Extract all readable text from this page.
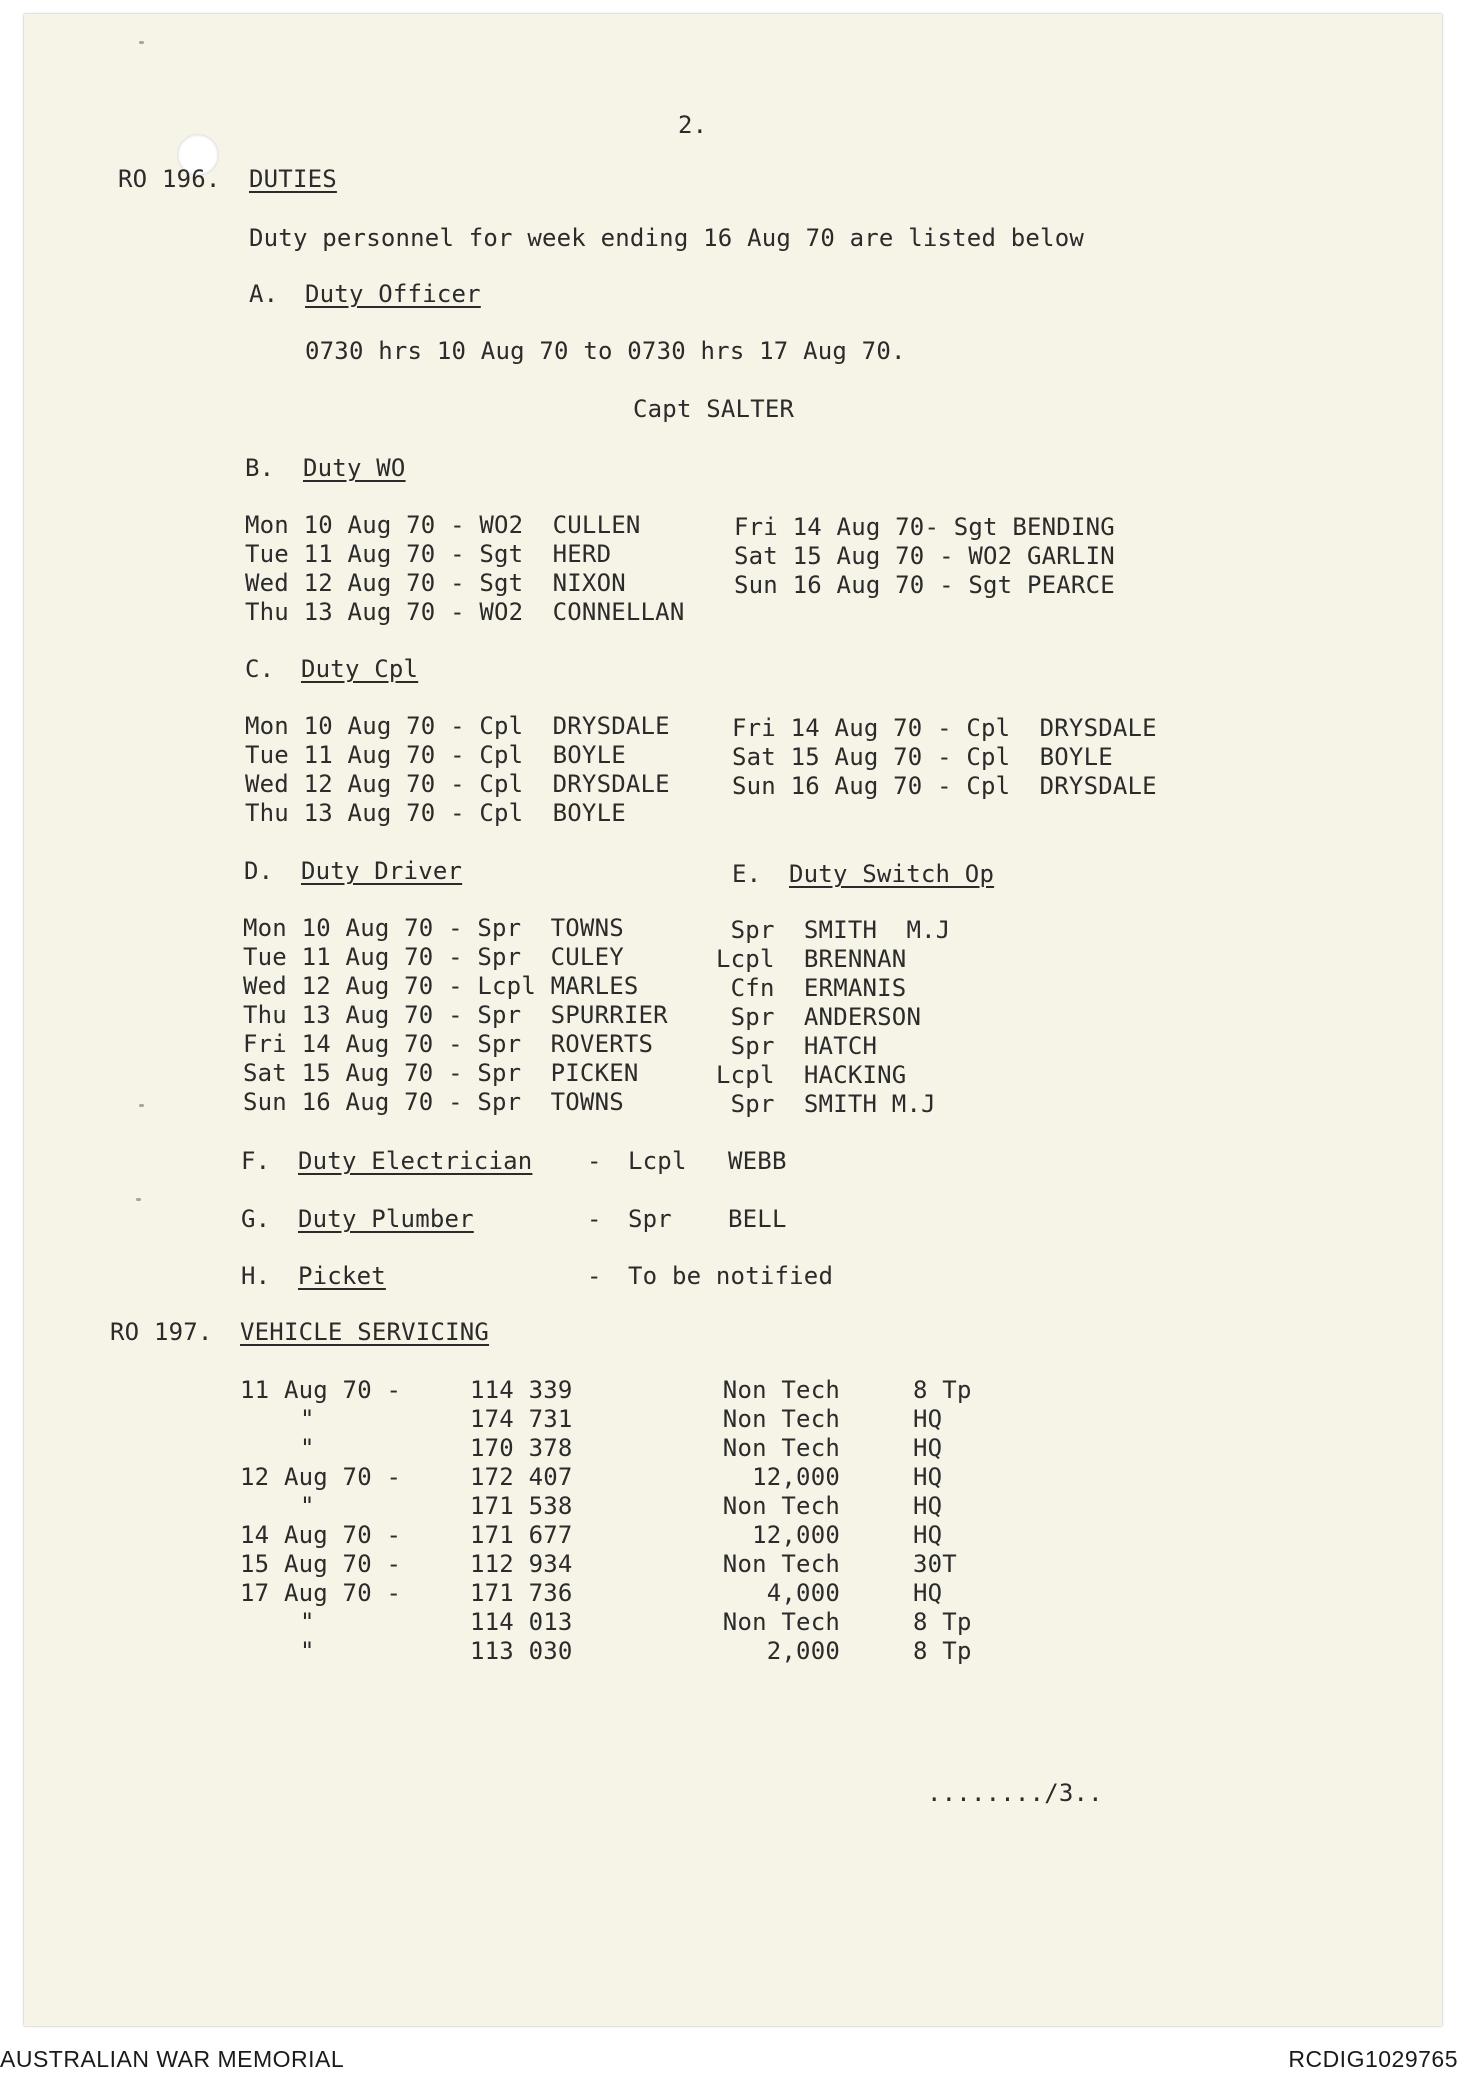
2.
RO 196. DUTIES
Duty personnel for week ending 16 Aug 70 are listed below
A. Duty Officer
0730 hrs 10 Aug 70 to 0730 hrs 17 Aug 70.
Capt SALTER
B. Duty WO
Mon 10 Aug 70 - WO2  CULLEN
Tue 11 Aug 70 - Sgt  HERD
Wed 12 Aug 70 - Sgt  NIXON
Thu 13 Aug 70 - WO2  CONNELLAN
Fri 14 Aug 70- Sgt BENDING
Sat 15 Aug 70 - WO2 GARLIN
Sun 16 Aug 70 - Sgt PEARCE
C. Duty Cpl
Mon 10 Aug 70 - Cpl  DRYSDALE
Tue 11 Aug 70 - Cpl  BOYLE
Wed 12 Aug 70 - Cpl  DRYSDALE
Thu 13 Aug 70 - Cpl  BOYLE
Fri 14 Aug 70 - Cpl  DRYSDALE
Sat 15 Aug 70 - Cpl  BOYLE
Sun 16 Aug 70 - Cpl  DRYSDALE
D. Duty Driver	E. Duty Switch Op
Mon 10 Aug 70 - Spr  TOWNS
Tue 11 Aug 70 - Spr  CULEY
Wed 12 Aug 70 - Lcpl MARLES
Thu 13 Aug 70 - Spr  SPURRIER
Fri 14 Aug 70 - Spr  ROVERTS
Sat 15 Aug 70 - Spr  PICKEN
Sun 16 Aug 70 - Spr  TOWNS
Spr  SMITH  M.J
Lcpl  BRENNAN
Cfn  ERMANIS
Spr  ANDERSON
Spr  HATCH
Lcpl  HACKING
Spr  SMITH M.J
F. Duty Electrician - Lcpl WEBB
G. Duty Plumber	- Spr BELL
H. Picket	- To be notified
RO 197. VEHICLE SERVICING
11 Aug 70 -	114 339	Non Tech	8 Tp
"	174 731	Non Tech	HQ
"	170 378	Non Tech	HQ
12 Aug 70 -	172 407	12,000	HQ
"	171 538	Non Tech	HQ
14 Aug 70 -	171 677	12,000	HQ
15 Aug 70 -	112 934	Non Tech	30T
17 Aug 70 -	171 736	4,000	HQ
"	114 013	Non Tech	8 Tp
"	113 030	2,000	8 Tp
......../3..
AUSTRALIAN WAR MEMORIAL	RCDIG1029765
